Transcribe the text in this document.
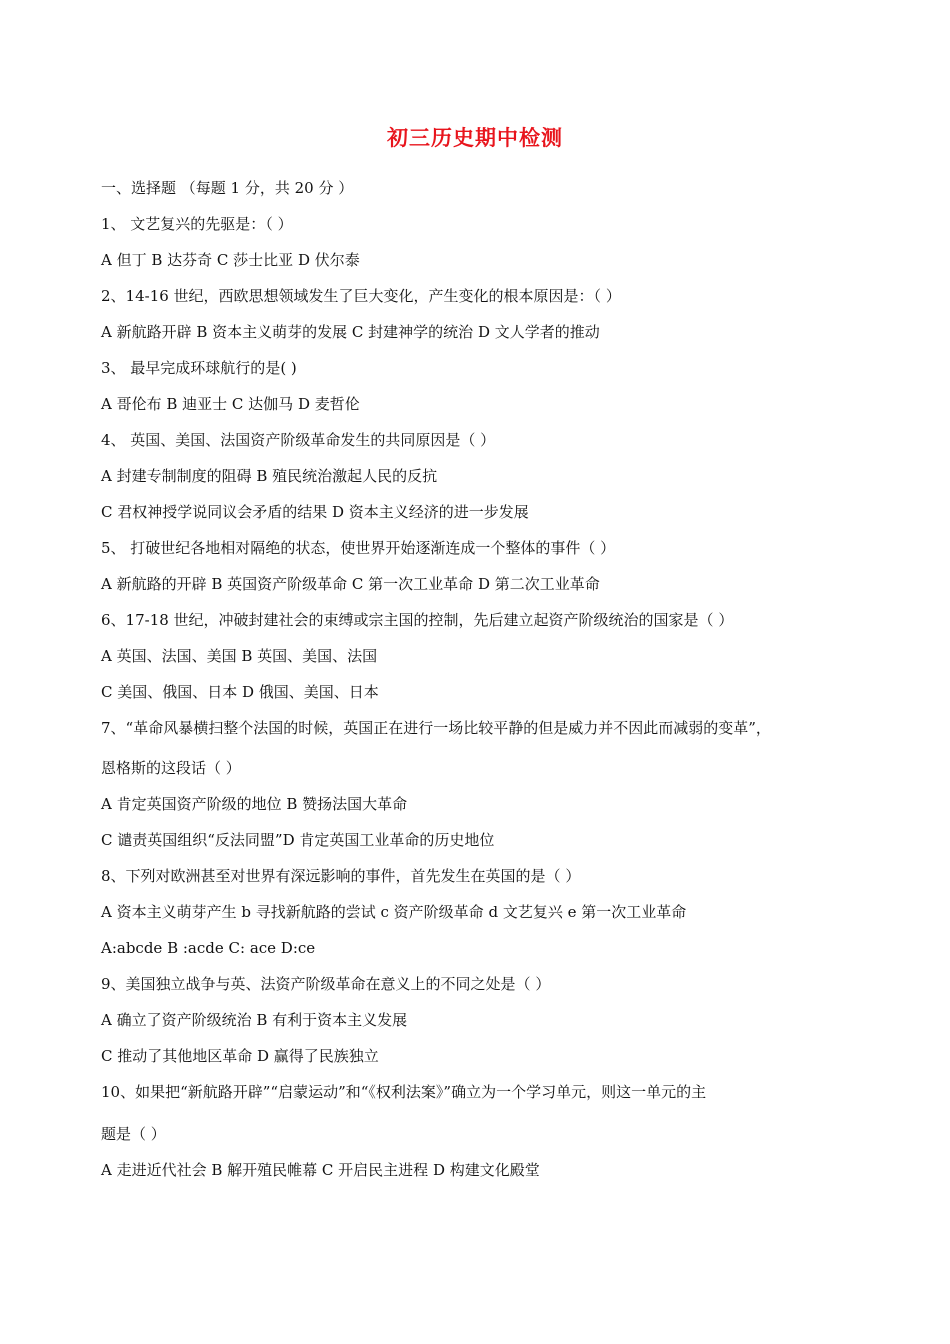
初三历史期中检测
一、选择题 （每题 1 分，共 20 分 ）
1、 文艺复兴的先驱是：（ ）
A 但丁 B 达芬奇 C 莎士比亚 D 伏尔泰
2、14-16 世纪，西欧思想领域发生了巨大变化，产生变化的根本原因是：（ ）
A 新航路开辟 B 资本主义萌芽的发展 C 封建神学的统治 D 文人学者的推动
3、 最早完成环球航行的是( )
A 哥伦布 B 迪亚士 C 达伽马 D 麦哲伦
4、 英国、美国、法国资产阶级革命发生的共同原因是（ ）
A 封建专制制度的阻碍 B 殖民统治激起人民的反抗
C 君权神授学说同议会矛盾的结果 D 资本主义经济的进一步发展
5、 打破世纪各地相对隔绝的状态，使世界开始逐渐连成一个整体的事件（ ）
A 新航路的开辟 B 英国资产阶级革命 C 第一次工业革命 D 第二次工业革命
6、17-18 世纪，冲破封建社会的束缚或宗主国的控制，先后建立起资产阶级统治的国家是（ ）
A 英国、法国、美国 B 英国、美国、法国
C 美国、俄国、日本 D 俄国、美国、日本
7、“革命风暴横扫整个法国的时候，英国正在进行一场比较平静的但是威力并不因此而减弱的变革”，
恩格斯的这段话（ ）
A 肯定英国资产阶级的地位 B 赞扬法国大革命
C 谴责英国组织“反法同盟”D 肯定英国工业革命的历史地位
8、下列对欧洲甚至对世界有深远影响的事件，首先发生在英国的是（ ）
A 资本主义萌芽产生 b 寻找新航路的尝试 c 资产阶级革命 d 文艺复兴 e 第一次工业革命
A:abcde B :acde C: ace D:ce
9、美国独立战争与英、法资产阶级革命在意义上的不同之处是（ ）
A 确立了资产阶级统治 B 有利于资本主义发展
C 推动了其他地区革命 D 赢得了民族独立
10、如果把“新航路开辟”“启蒙运动”和“《权利法案》”确立为一个学习单元，则这一单元的主
题是（ ）
A 走进近代社会 B 解开殖民帷幕 C 开启民主进程 D 构建文化殿堂
